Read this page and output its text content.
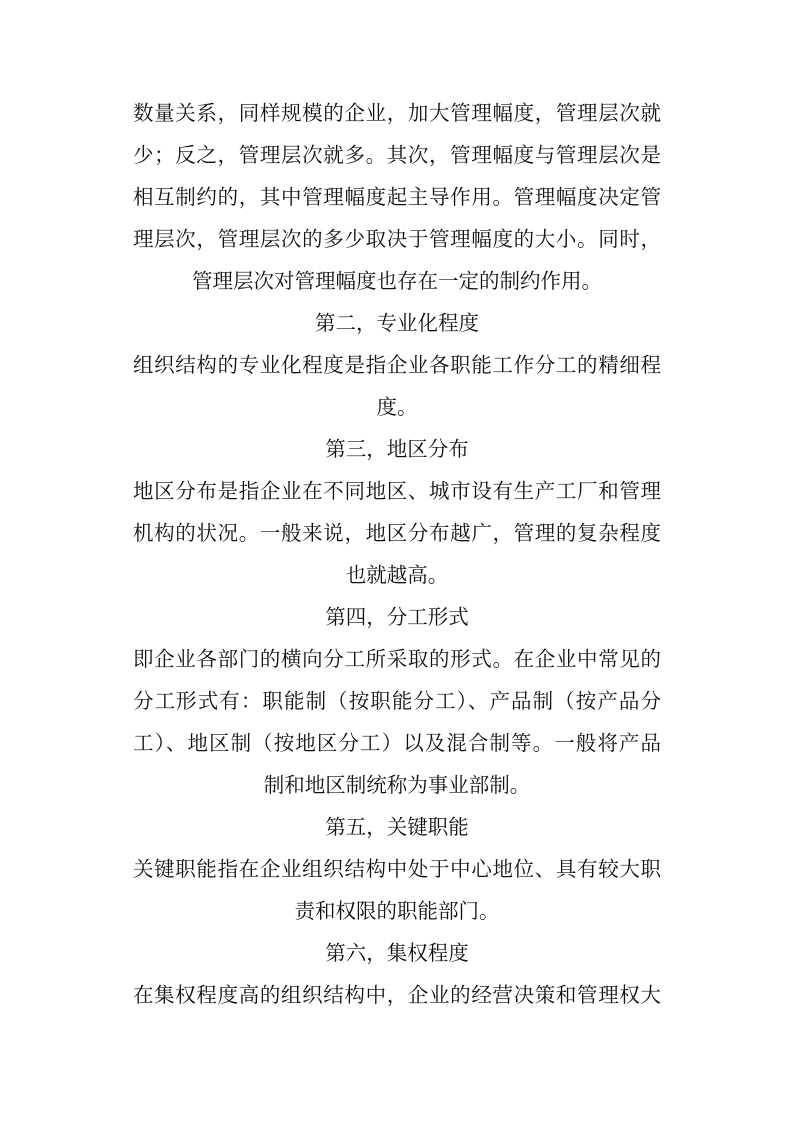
数量关系，同样规模的企业，加大管理幅度，管理层次就
少；反之，管理层次就多。其次，管理幅度与管理层次是
相互制约的，其中管理幅度起主导作用。管理幅度决定管
理层次，管理层次的多少取决于管理幅度的大小。同时，
管理层次对管理幅度也存在一定的制约作用。
第二，专业化程度
组织结构的专业化程度是指企业各职能工作分工的精细程
度。
第三，地区分布
地区分布是指企业在不同地区、城市设有生产工厂和管理
机构的状况。一般来说，地区分布越广，管理的复杂程度
也就越高。
第四，分工形式
即企业各部门的横向分工所采取的形式。在企业中常见的
分工形式有：职能制（按职能分工）、产品制（按产品分
工）、地区制（按地区分工）以及混合制等。一般将产品
制和地区制统称为事业部制。
第五，关键职能
关键职能指在企业组织结构中处于中心地位、具有较大职
责和权限的职能部门。
第六，集权程度
在集权程度高的组织结构中，企业的经营决策和管理权大
